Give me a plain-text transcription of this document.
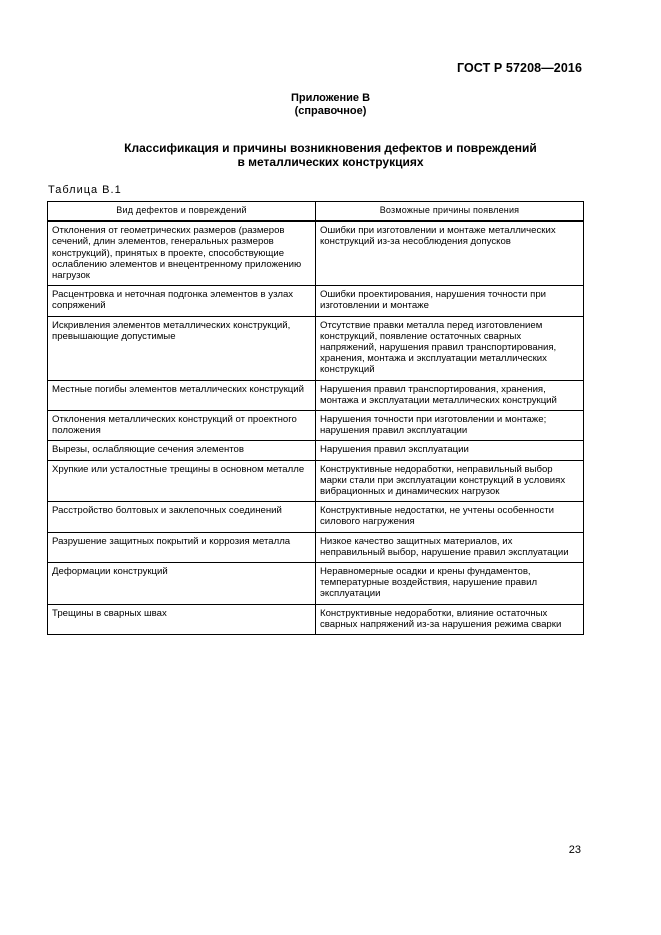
ГОСТ Р 57208—2016
Приложение В
(справочное)
Классификация и причины возникновения дефектов и повреждений
в металлических конструкциях
Таблица В.1
Вид дефектов и повреждений	Возможные причины появления
Отклонения от геометрических размеров (размеров сечений, длин элементов, генеральных размеров конструкций), принятых в проекте, способствующие ослаблению элементов и внецентренному приложению нагрузок	Ошибки при изготовлении и монтаже металлических конструкций из-за несоблюдения допусков
Расцентровка и неточная подгонка элементов в узлах сопряжений	Ошибки проектирования, нарушения точности при изготовлении и монтаже
Искривления элементов металлических конструкций, превышающие допустимые	Отсутствие правки металла перед изготовлением конструкций, появление остаточных сварных напряжений, нарушения правил транспортирования, хранения, монтажа и эксплуатации металлических конструкций
Местные погибы элементов металлических конструкций	Нарушения правил транспортирования, хранения, монтажа и эксплуатации металлических конструкций
Отклонения металлических конструкций от проектного положения	Нарушения точности при изготовлении и монтаже; нарушения правил эксплуатации
Вырезы, ослабляющие сечения элементов	Нарушения правил эксплуатации
Хрупкие или усталостные трещины в основном металле	Конструктивные недоработки, неправильный выбор марки стали при эксплуатации конструкций в условиях вибрационных и динамических нагрузок
Расстройство болтовых и заклепочных соединений	Конструктивные недостатки, не учтены особенности силового нагружения
Разрушение защитных покрытий и коррозия металла	Низкое качество защитных материалов, их неправильный выбор, нарушение правил эксплуатации
Деформации конструкций	Неравномерные осадки и крены фундаментов, температурные воздействия, нарушение правил эксплуатации
Трещины в сварных швах	Конструктивные недоработки, влияние остаточных сварных напряжений из-за нарушения режима сварки
23
